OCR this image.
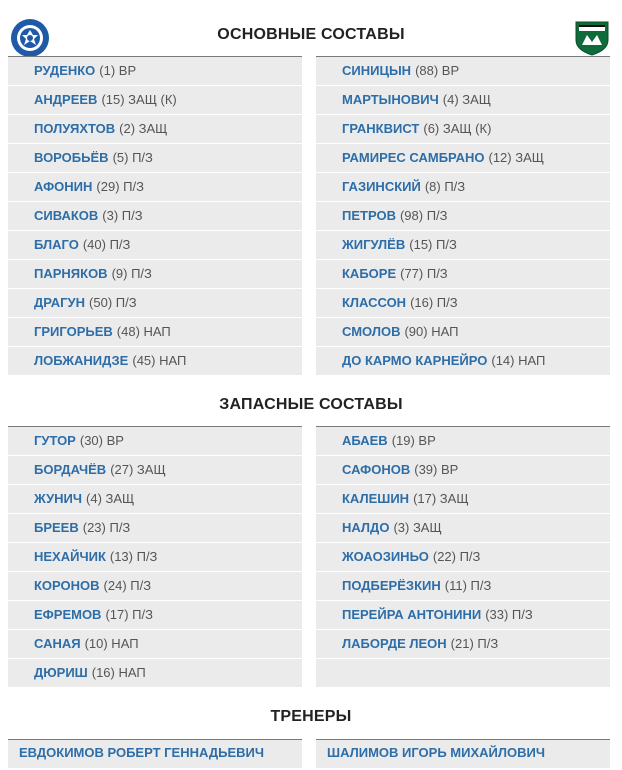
ОСНОВНЫЕ СОСТАВЫ
РУДЕНКО (1) ВР
АНДРЕЕВ (15) ЗАЩ (К)
ПОЛУЯХТОВ (2) ЗАЩ
ВОРОБЬЁВ (5) П/З
АФОНИН (29) П/З
СИВАКОВ (3) П/З
БЛАГО (40) П/З
ПАРНЯКОВ (9) П/З
ДРАГУН (50) П/З
ГРИГОРЬЕВ (48) НАП
ЛОБЖАНИДЗЕ (45) НАП
СИНИЦЫН (88) ВР
МАРТЫНОВИЧ (4) ЗАЩ
ГРАНКВИСТ (6) ЗАЩ (К)
РАМИРЕС САМБРАНО (12) ЗАЩ
ГАЗИНСКИЙ (8) П/З
ПЕТРОВ (98) П/З
ЖИГУЛЁВ (15) П/З
КАБОРЕ (77) П/З
КЛАССОН (16) П/З
СМОЛОВ (90) НАП
ДО КАРМО КАРНЕЙРО (14) НАП
ЗАПАСНЫЕ СОСТАВЫ
ГУТОР (30) ВР
БОРДАЧЁВ (27) ЗАЩ
ЖУНИЧ (4) ЗАЩ
БРЕЕВ (23) П/З
НЕХАЙЧИК (13) П/З
КОРОНОВ (24) П/З
ЕФРЕМОВ (17) П/З
САНАЯ (10) НАП
ДЮРИШ (16) НАП
АБАЕВ (19) ВР
САФОНОВ (39) ВР
КАЛЕШИН (17) ЗАЩ
НАЛДО (3) ЗАЩ
ЖОАОЗИНЬО (22) П/З
ПОДБЕРЁЗКИН (11) П/З
ПЕРЕЙРА АНТОНИНИ (33) П/З
ЛАБОРДЕ ЛЕОН (21) П/З
ТРЕНЕРЫ
ЕВДОКИМОВ РОБЕРТ ГЕННАДЬЕВИЧ	ШАЛИМОВ ИГОРЬ МИХАЙЛОВИЧ
